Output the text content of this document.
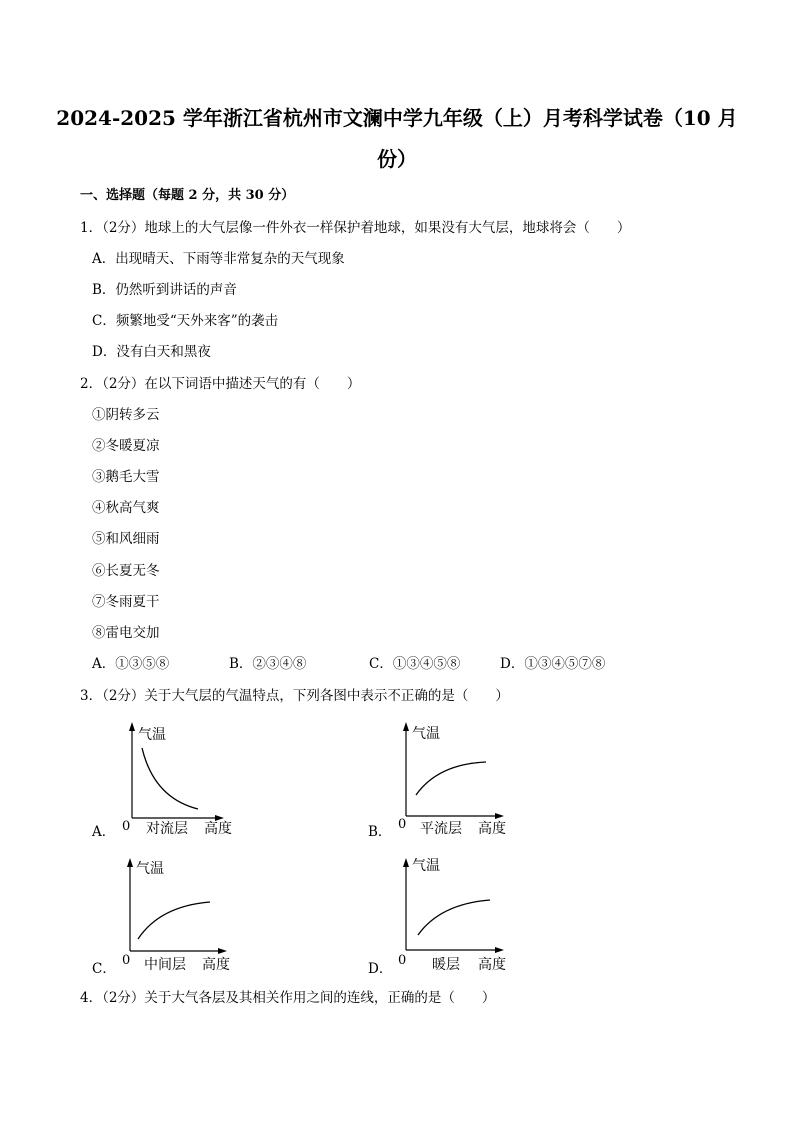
2024-2025 学年浙江省杭州市文澜中学九年级（上）月考科学试卷（10 月
份）
一、选择题（每题 2 分，共 30 分）
1．（2分）地球上的大气层像一件外衣一样保护着地球，如果没有大气层，地球将会（　　）
A．出现晴天、下雨等非常复杂的天气现象
B．仍然听到讲话的声音
C．频繁地受“天外来客”的袭击
D．没有白天和黑夜
2．（2分）在以下词语中描述天气的有（　　）
①阴转多云
②冬暖夏凉
③鹅毛大雪
④秋高气爽
⑤和风细雨
⑥长夏无冬
⑦冬雨夏干
⑧雷电交加
A．①③⑤⑧	B．②③④⑧	C．①③④⑤⑧	D．①③④⑤⑦⑧
3．（2分）关于大气层的气温特点，下列各图中表示不正确的是（　　）
A．
气温
0 对流层 高度	B．
气温
0 平流层 高度
C．
气温
0 中间层 高度	D．
气温
0 暖层 高度
4．（2分）关于大气各层及其相关作用之间的连线，正确的是（　　）
